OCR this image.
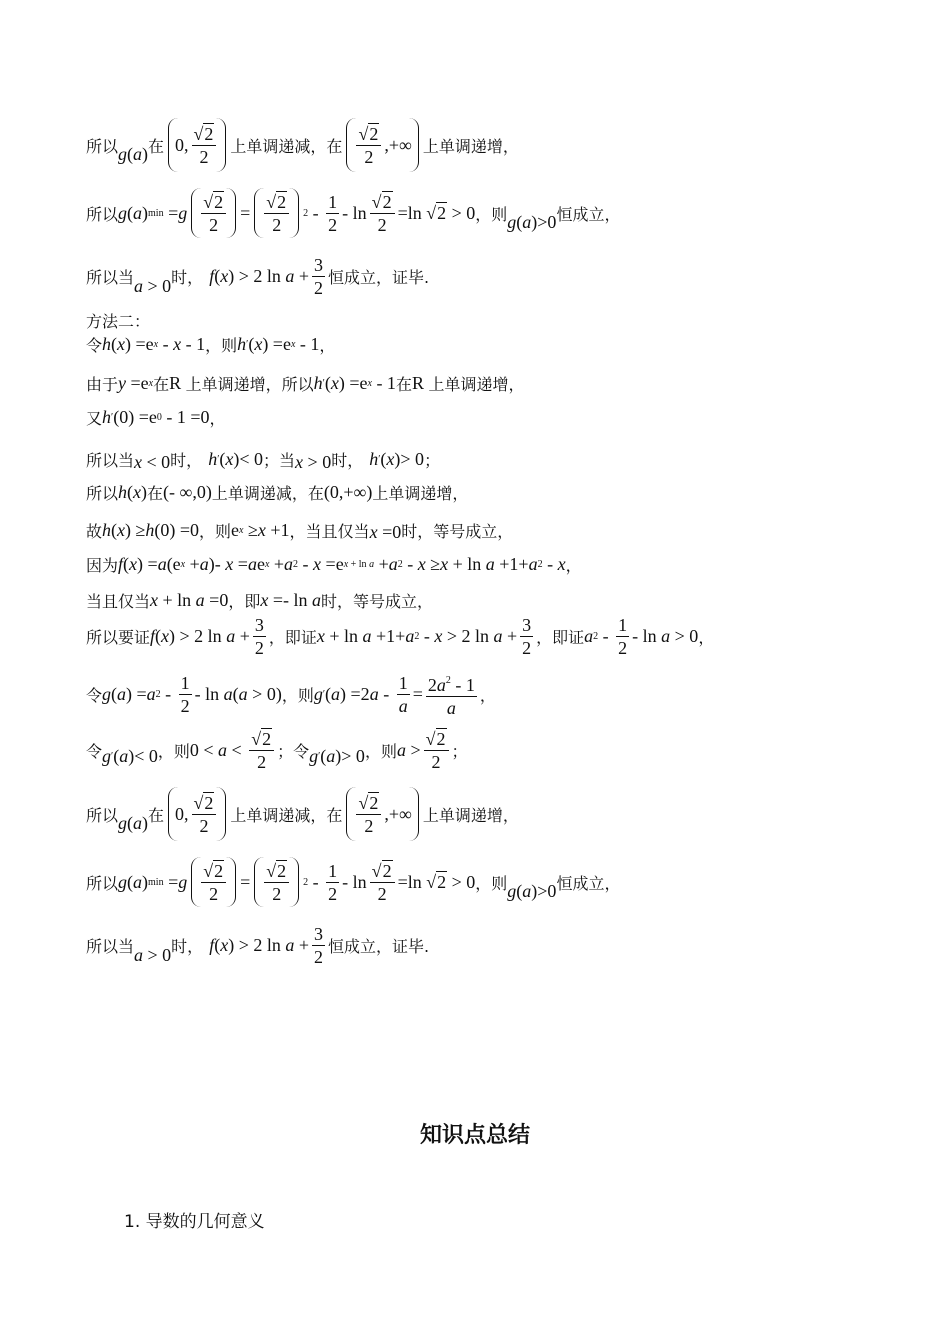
所以 g ( a ) 在 0, $\frac{√2}{2}$ 上单调递减，在 $\frac{√2}{2}$ ,+∞ 上单调递增，
所以 g ( a ) min = g $\frac{√2}{2} = \frac{√2}{2} 2 - \frac{1}{2} - \ln \frac{√2}{2} =\ln$ √2 > 0 ，则 g ( a )>0 恒成立，
所以当 a > 0 时， f ( x ) > 2 $\ln a + \frac{3}{2}$ 恒成立，证毕.
方法二：
令 h ( x ) =e x - x - 1 ，则 h ′ ( x ) =e x - 1 ，
由于 y =e x 在 R 上单调递增，所以 h ′ ( x ) =e x - 1 在 R 上单调递增，
又 h ′ (0) =e 0 - 1 =0 ，
所以当 x < 0 时， h ′ ( x )< 0 ；当 x > 0 时， h ′ ( x )> 0 ；
所以 h ( x ) 在 (- ∞,0) 上单调递减，在 (0,+∞) 上单调递增，
故 h ( x ) ≥ h (0) =0 ，则 e x ≥ x +1 ，当且仅当 x =0 时，等号成立，
因为 f ( x ) = a (e x + a )- x = a e x + a 2 - x =e x + ln a + a 2 - x ≥ x + ln a +1+ a 2 - x ，
当且仅当 x + ln a =0 ，即 x =- ln a 时，等号成立，
所以要证 f ( x ) > 2 $\ln a + \frac{3}{2}$ ，即证 x + ln a +1+ a 2 - x > 2 $\ln a + \frac{3}{2}$ ，即证 a $2 - \frac{1}{2} - \ln a > 0$ ，
令 g ( a ) = a $2 - \frac{1}{2}$ - ln a ( a > 0) ，则 g ′ ( a ) =2 $a - \frac{1}{a} = \frac{2a^2 - 1}{a}$ ，
令 g ′ ( a )< 0 ，则 $0 < a < \frac{√2}{2}$ ；令 g ′ ( a )> 0 ，则 $a > \frac{√2}{2}$ ；
所以 g ( a ) 在 0, $\frac{√2}{2}$ 上单调递减，在 $\frac{√2}{2}$ ,+∞ 上单调递增，
所以 g ( a ) min = g $\frac{√2}{2} = \frac{√2}{2} 2 - \frac{1}{2} - \ln \frac{√2}{2} =\ln$ √2 > 0 ，则 g ( a )>0 恒成立，
所以当 a > 0 时， f ( x ) > 2 $\ln a + \frac{3}{2}$ 恒成立，证毕.
知识点总结
1. 导数的几何意义
